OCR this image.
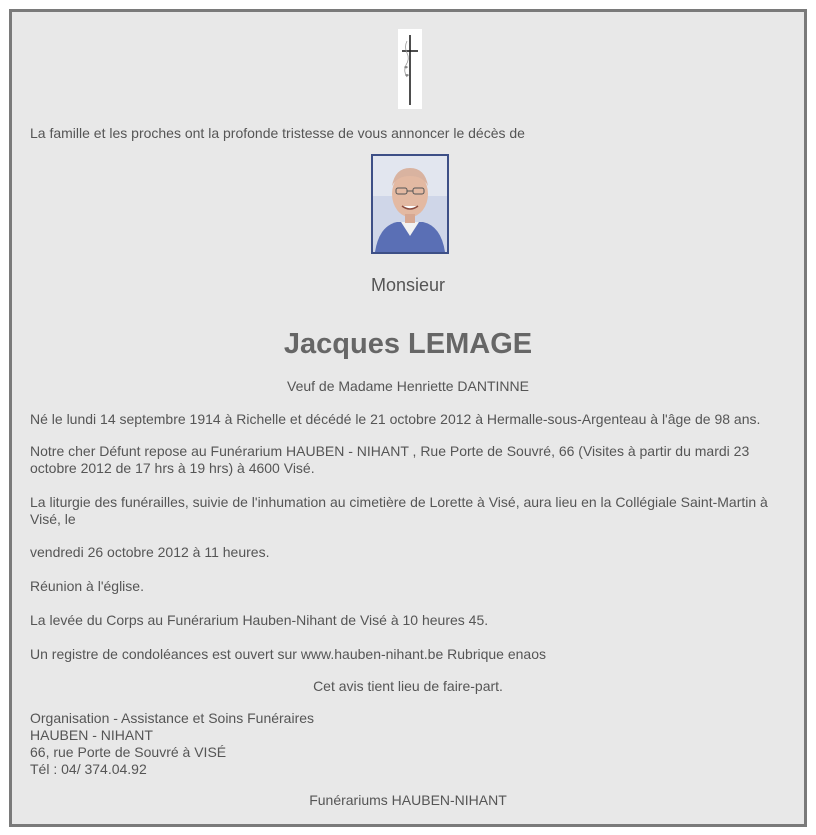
La famille et les proches ont la profonde tristesse de vous annoncer le décès de
Monsieur
Jacques LEMAGE
Veuf de Madame Henriette DANTINNE
Né le lundi 14 septembre 1914 à Richelle et décédé le 21 octobre 2012 à Hermalle-sous-Argenteau à l'âge de 98 ans.
Notre cher Défunt repose au Funérarium HAUBEN - NIHANT , Rue Porte de Souvré, 66 (Visites à partir du mardi 23 octobre 2012 de 17 hrs à 19 hrs) à 4600 Visé.
La liturgie des funérailles, suivie de l'inhumation au cimetière de Lorette à Visé, aura lieu en la Collégiale Saint-Martin à Visé, le
vendredi 26 octobre 2012 à 11 heures.
Réunion à l'église.
La levée du Corps au Funérarium Hauben-Nihant de Visé à 10 heures 45.
Un registre de condoléances est ouvert sur www.hauben-nihant.be Rubrique enaos
Cet avis tient lieu de faire-part.
Organisation - Assistance et Soins Funéraires
HAUBEN - NIHANT
66, rue Porte de Souvré à VISÉ
Tél : 04/ 374.04.92
Funérariums HAUBEN-NIHANT
